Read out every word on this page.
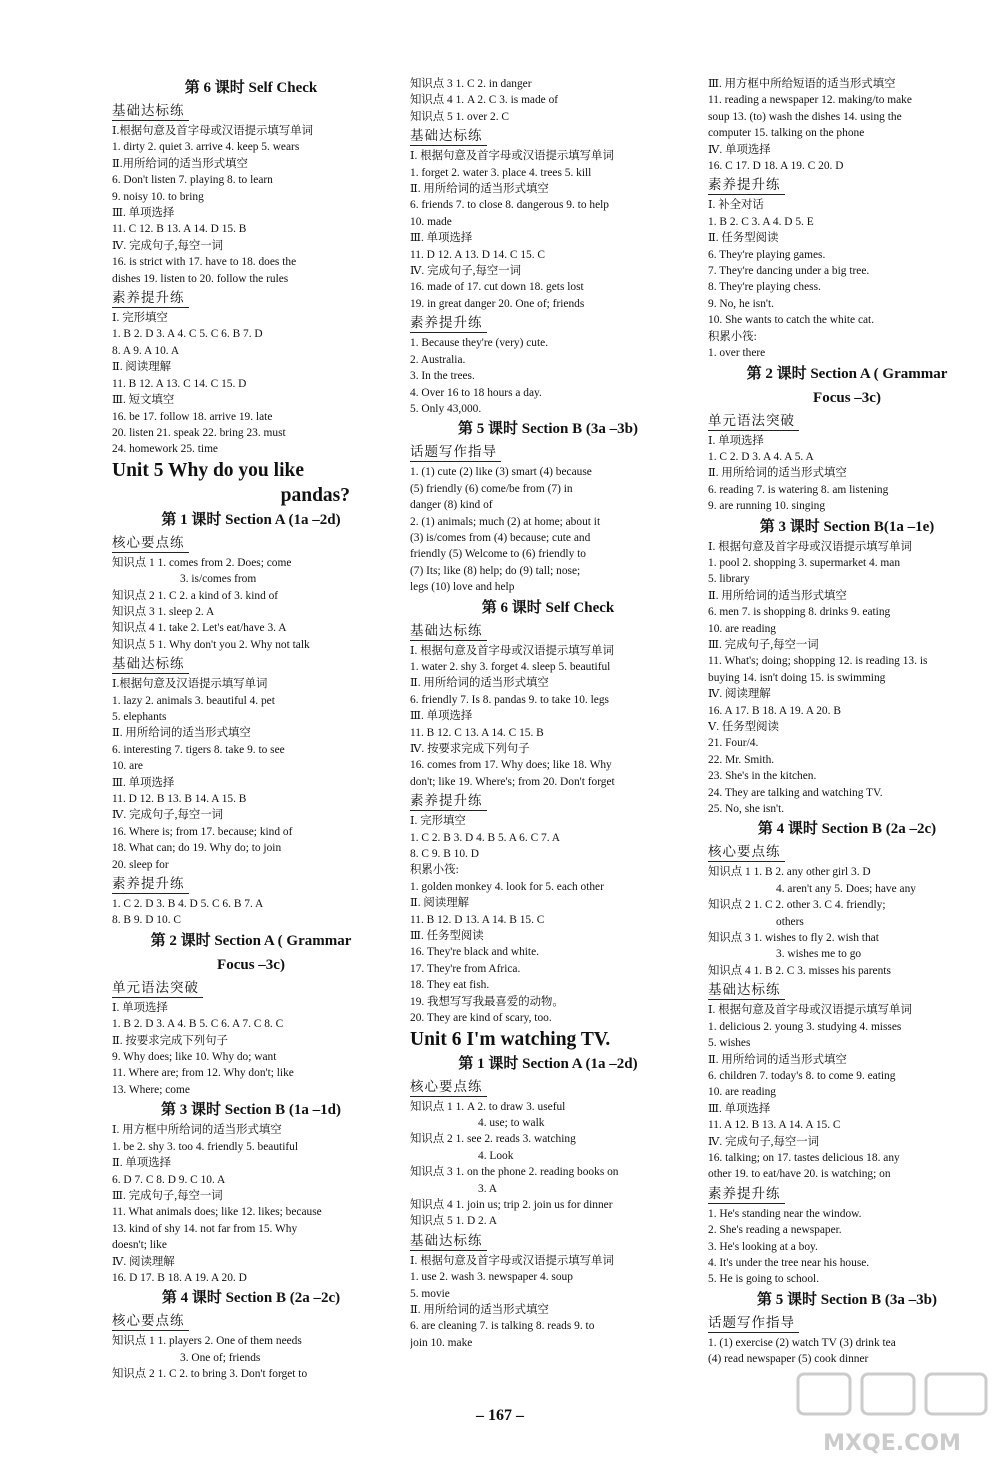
第 6 课时 Self Check
基础达标练
Ⅰ.根据句意及首字母或汉语提示填写单词
1. dirty 2. quiet 3. arrive 4. keep 5. wears
Ⅱ.用所给词的适当形式填空
6. Don't listen 7. playing 8. to learn
9. noisy 10. to bring
Ⅲ. 单项选择
11. C 12. B 13. A 14. D 15. B
Ⅳ. 完成句子,每空一词
16. is strict with 17. have to 18. does the
dishes 19. listen to 20. follow the rules
素养提升练
Ⅰ. 完形填空
1. B 2. D 3. A 4. C 5. C 6. B 7. D
8. A 9. A 10. A
Ⅱ. 阅读理解
11. B 12. A 13. C 14. C 15. D
Ⅲ. 短文填空
16. be 17. follow 18. arrive 19. late
20. listen 21. speak 22. bring 23. must
24. homework 25. time
Unit 5 Why do you like
pandas?
第 1 课时 Section A (1a –2d)
核心要点练
知识点 1 1. comes from 2. Does; come
3. is/comes from
知识点 2 1. C 2. a kind of 3. kind of
知识点 3 1. sleep 2. A
知识点 4 1. take 2. Let's eat/have 3. A
知识点 5 1. Why don't you 2. Why not talk
基础达标练
Ⅰ.根据句意及汉语提示填写单词
1. lazy 2. animals 3. beautiful 4. pet
5. elephants
Ⅱ. 用所给词的适当形式填空
6. interesting 7. tigers 8. take 9. to see
10. are
Ⅲ. 单项选择
11. D 12. B 13. B 14. A 15. B
Ⅳ. 完成句子,每空一词
16. Where is; from 17. because; kind of
18. What can; do 19. Why do; to join
20. sleep for
素养提升练
1. C 2. D 3. B 4. D 5. C 6. B 7. A
8. B 9. D 10. C
第 2 课时 Section A ( Grammar
Focus –3c)
单元语法突破
Ⅰ. 单项选择
1. B 2. D 3. A 4. B 5. C 6. A 7. C 8. C
Ⅱ. 按要求完成下列句子
9. Why does; like 10. Why do; want
11. Where are; from 12. Why don't; like
13. Where; come
第 3 课时 Section B (1a –1d)
Ⅰ. 用方框中所给词的适当形式填空
1. be 2. shy 3. too 4. friendly 5. beautiful
Ⅱ. 单项选择
6. D 7. C 8. D 9. C 10. A
Ⅲ. 完成句子,每空一词
11. What animals does; like 12. likes; because
13. kind of shy 14. not far from 15. Why
doesn't; like
Ⅳ. 阅读理解
16. D 17. B 18. A 19. A 20. D
第 4 课时 Section B (2a –2c)
核心要点练
知识点 1 1. players 2. One of them needs
3. One of; friends
知识点 2 1. C 2. to bring 3. Don't forget to
知识点 3 1. C 2. in danger
知识点 4 1. A 2. C 3. is made of
知识点 5 1. over 2. C
基础达标练
Ⅰ. 根据句意及首字母或汉语提示填写单词
1. forget 2. water 3. place 4. trees 5. kill
Ⅱ. 用所给词的适当形式填空
6. friends 7. to close 8. dangerous 9. to help
10. made
Ⅲ. 单项选择
11. D 12. A 13. D 14. C 15. C
Ⅳ. 完成句子,每空一词
16. made of 17. cut down 18. gets lost
19. in great danger 20. One of; friends
素养提升练
1. Because they're (very) cute.
2. Australia.
3. In the trees.
4. Over 16 to 18 hours a day.
5. Only 43,000.
第 5 课时 Section B (3a –3b)
话题写作指导
1. (1) cute (2) like (3) smart (4) because
(5) friendly (6) come/be from (7) in
danger (8) kind of
2. (1) animals; much (2) at home; about it
(3) is/comes from (4) because; cute and
friendly (5) Welcome to (6) friendly to
(7) Its; like (8) help; do (9) tall; nose;
legs (10) love and help
第 6 课时 Self Check
基础达标练
Ⅰ. 根据句意及首字母或汉语提示填写单词
1. water 2. shy 3. forget 4. sleep 5. beautiful
Ⅱ. 用所给词的适当形式填空
6. friendly 7. Is 8. pandas 9. to take 10. legs
Ⅲ. 单项选择
11. B 12. C 13. A 14. C 15. B
Ⅳ. 按要求完成下列句子
16. comes from 17. Why does; like 18. Why
don't; like 19. Where's; from 20. Don't forget
素养提升练
Ⅰ. 完形填空
1. C 2. B 3. D 4. B 5. A 6. C 7. A
8. C 9. B 10. D
积累小筏:
1. golden monkey 4. look for 5. each other
Ⅱ. 阅读理解
11. B 12. D 13. A 14. B 15. C
Ⅲ. 任务型阅读
16. They're black and white.
17. They're from Africa.
18. They eat fish.
19. 我想写写我最喜爱的动物。
20. They are kind of scary, too.
Unit 6 I'm watching TV.
第 1 课时 Section A (1a –2d)
核心要点练
知识点 1 1. A 2. to draw 3. useful
4. use; to walk
知识点 2 1. see 2. reads 3. watching
4. Look
知识点 3 1. on the phone 2. reading books on
3. A
知识点 4 1. join us; trip 2. join us for dinner
知识点 5 1. D 2. A
基础达标练
Ⅰ. 根据句意及首字母或汉语提示填写单词
1. use 2. wash 3. newspaper 4. soup
5. movie
Ⅱ. 用所给词的适当形式填空
6. are cleaning 7. is talking 8. reads 9. to
join 10. make
Ⅲ. 用方框中所给短语的适当形式填空
11. reading a newspaper 12. making/to make
soup 13. (to) wash the dishes 14. using the
computer 15. talking on the phone
Ⅳ. 单项选择
16. C 17. D 18. A 19. C 20. D
素养提升练
Ⅰ. 补全对话
1. B 2. C 3. A 4. D 5. E
Ⅱ. 任务型阅读
6. They're playing games.
7. They're dancing under a big tree.
8. They're playing chess.
9. No, he isn't.
10. She wants to catch the white cat.
积累小筏:
1. over there
第 2 课时 Section A ( Grammar
Focus –3c)
单元语法突破
Ⅰ. 单项选择
1. C 2. D 3. A 4. A 5. A
Ⅱ. 用所给词的适当形式填空
6. reading 7. is watering 8. am listening
9. are running 10. singing
第 3 课时 Section B(1a –1e)
Ⅰ. 根据句意及首字母或汉语提示填写单词
1. pool 2. shopping 3. supermarket 4. man
5. library
Ⅱ. 用所给词的适当形式填空
6. men 7. is shopping 8. drinks 9. eating
10. are reading
Ⅲ. 完成句子,每空一词
11. What's; doing; shopping 12. is reading 13. is
buying 14. isn't doing 15. is swimming
Ⅳ. 阅读理解
16. A 17. B 18. A 19. A 20. B
Ⅴ. 任务型阅读
21. Four/4.
22. Mr. Smith.
23. She's in the kitchen.
24. They are talking and watching TV.
25. No, she isn't.
第 4 课时 Section B (2a –2c)
核心要点练
知识点 1 1. B 2. any other girl 3. D
4. aren't any 5. Does; have any
知识点 2 1. C 2. other 3. C 4. friendly;
others
知识点 3 1. wishes to fly 2. wish that
3. wishes me to go
知识点 4 1. B 2. C 3. misses his parents
基础达标练
Ⅰ. 根据句意及首字母或汉语提示填写单词
1. delicious 2. young 3. studying 4. misses
5. wishes
Ⅱ. 用所给词的适当形式填空
6. children 7. today's 8. to come 9. eating
10. are reading
Ⅲ. 单项选择
11. A 12. B 13. A 14. A 15. C
Ⅳ. 完成句子,每空一词
16. talking; on 17. tastes delicious 18. any
other 19. to eat/have 20. is watching; on
素养提升练
1. He's standing near the window.
2. She's reading a newspaper.
3. He's looking at a boy.
4. It's under the tree near his house.
5. He is going to school.
第 5 课时 Section B (3a –3b)
话题写作指导
1. (1) exercise (2) watch TV (3) drink tea
(4) read newspaper (5) cook dinner
– 167 –
MXQE.COM
